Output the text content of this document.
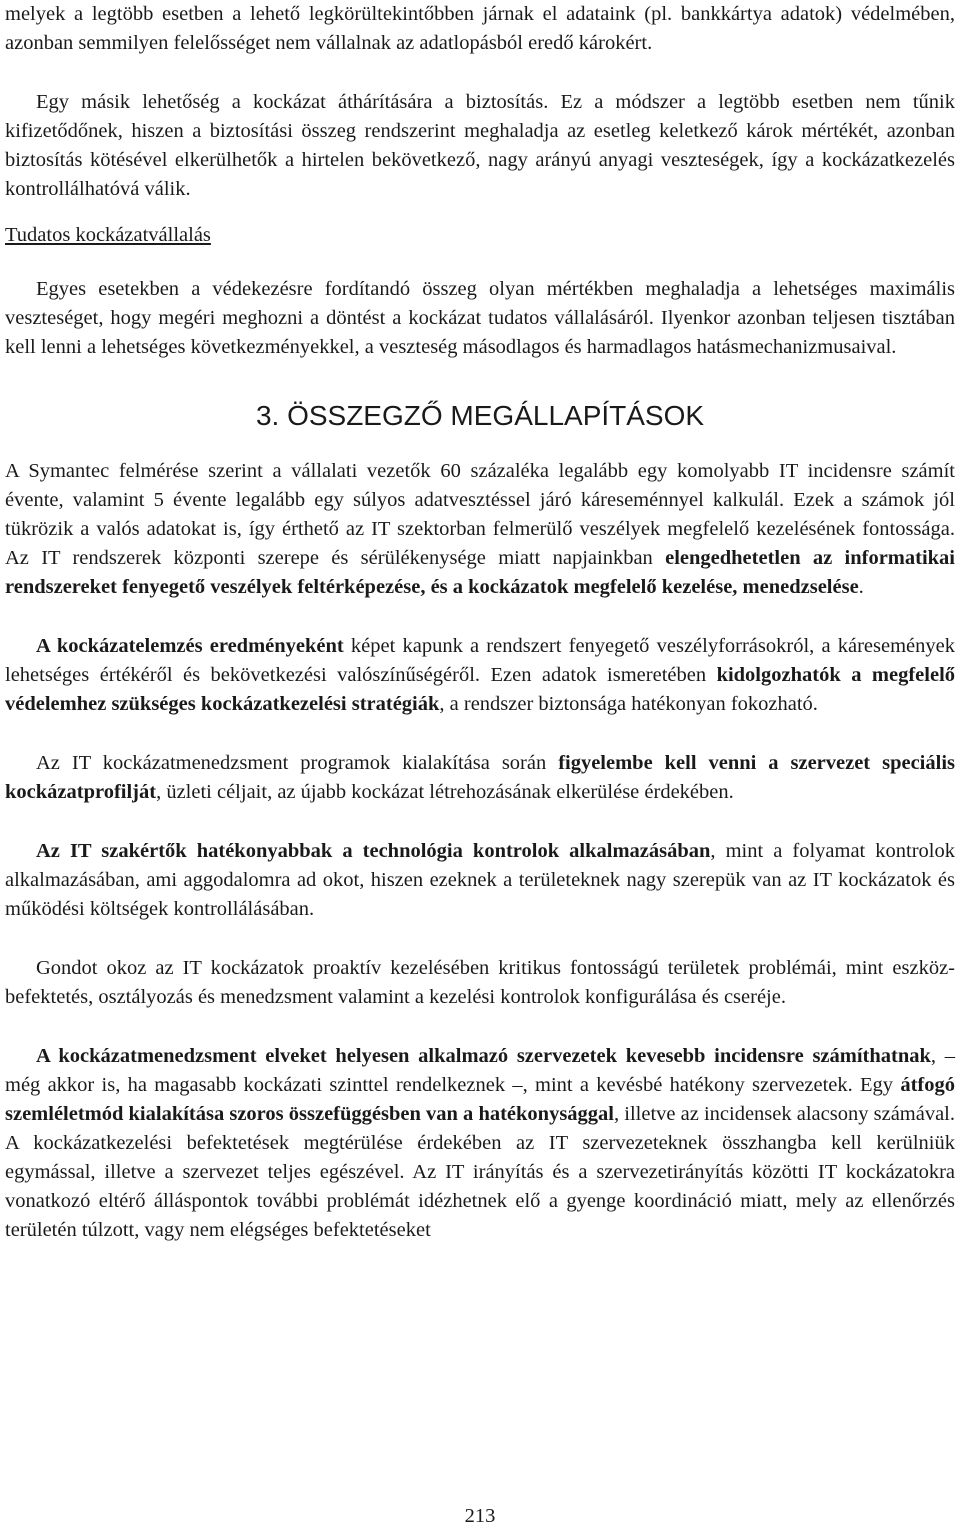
melyek a legtöbb esetben a lehető legkörültekintőbben járnak el adataink (pl. bankkártya adatok) védelmében, azonban semmilyen felelősséget nem vállalnak az adatlopásból eredő károkért.

Egy másik lehetőség a kockázat áthárítására a biztosítás. Ez a módszer a legtöbb esetben nem tűnik kifizetődőnek, hiszen a biztosítási összeg rendszerint meghaladja az esetleg keletkező károk mértékét, azonban biztosítás kötésével elkerülhetők a hirtelen bekövetkező, nagy arányú anyagi veszteségek, így a kockázatkezelés kontrollálhatóvá válik.

Tudatos kockázatvállalás

Egyes esetekben a védekezésre fordítandó összeg olyan mértékben meghaladja a lehetséges maximális veszteséget, hogy megéri meghozni a döntést a kockázat tudatos vállalásáról. Ilyenkor azonban teljesen tisztában kell lenni a lehetséges következményekkel, a veszteség másodlagos és harmadlagos hatásmechanizmusaival.

3. ÖSSZEGZŐ MEGÁLLAPÍTÁSOK

A Symantec felmérése szerint a vállalati vezetők 60 százaléka legalább egy komolyabb IT incidensre számít évente, valamint 5 évente legalább egy súlyos adatvesztéssel járó káreseménnyel kalkulál. Ezek a számok jól tükrözik a valós adatokat is, így érthető az IT szektorban felmerülő veszélyek megfelelő kezelésének fontossága. Az IT rendszerek központi szerepe és sérülékenysége miatt napjainkban elengedhetetlen az informatikai rendszereket fenyegető veszélyek feltérképezése, és a kockázatok megfelelő kezelése, menedzselése.

A kockázatelemzés eredményeként képet kapunk a rendszert fenyegető veszélyforrásokról, a káresemények lehetséges értékéről és bekövetkezési valószínűségéről. Ezen adatok ismeretében kidolgozhatók a megfelelő védelemhez szükséges kockázatkezelési stratégiák, a rendszer biztonsága hatékonyan fokozható.

Az IT kockázatmenedzsment programok kialakítása során figyelembe kell venni a szervezet speciális kockázatprofilját, üzleti céljait, az újabb kockázat létrehozásának elkerülése érdekében.

Az IT szakértők hatékonyabbak a technológia kontrolok alkalmazásában, mint a folyamat kontrolok alkalmazásában, ami aggodalomra ad okot, hiszen ezeknek a területeknek nagy szerepük van az IT kockázatok és működési költségek kontrollálásában.

Gondot okoz az IT kockázatok proaktív kezelésében kritikus fontosságú területek problémái, mint eszköz-befektetés, osztályozás és menedzsment valamint a kezelési kontrolok konfigurálása és cseréje.

A kockázatmenedzsment elveket helyesen alkalmazó szervezetek kevesebb incidensre számíthatnak, – még akkor is, ha magasabb kockázati szinttel rendelkeznek –, mint a kevésbé hatékony szervezetek. Egy átfogó szemléletmód kialakítása szoros összefüggésben van a hatékonysággal, illetve az incidensek alacsony számával. A kockázatkezelési befektetések megtérülése érdekében az IT szervezeteknek összhangba kell kerülniük egymással, illetve a szervezet teljes egészével. Az IT irányítás és a szervezetirányítás közötti IT kockázatokra vonatkozó eltérő álláspontok további problémát idézhetnek elő a gyenge koordináció miatt, mely az ellenőrzés területén túlzott, vagy nem elégséges befektetéseket

213
